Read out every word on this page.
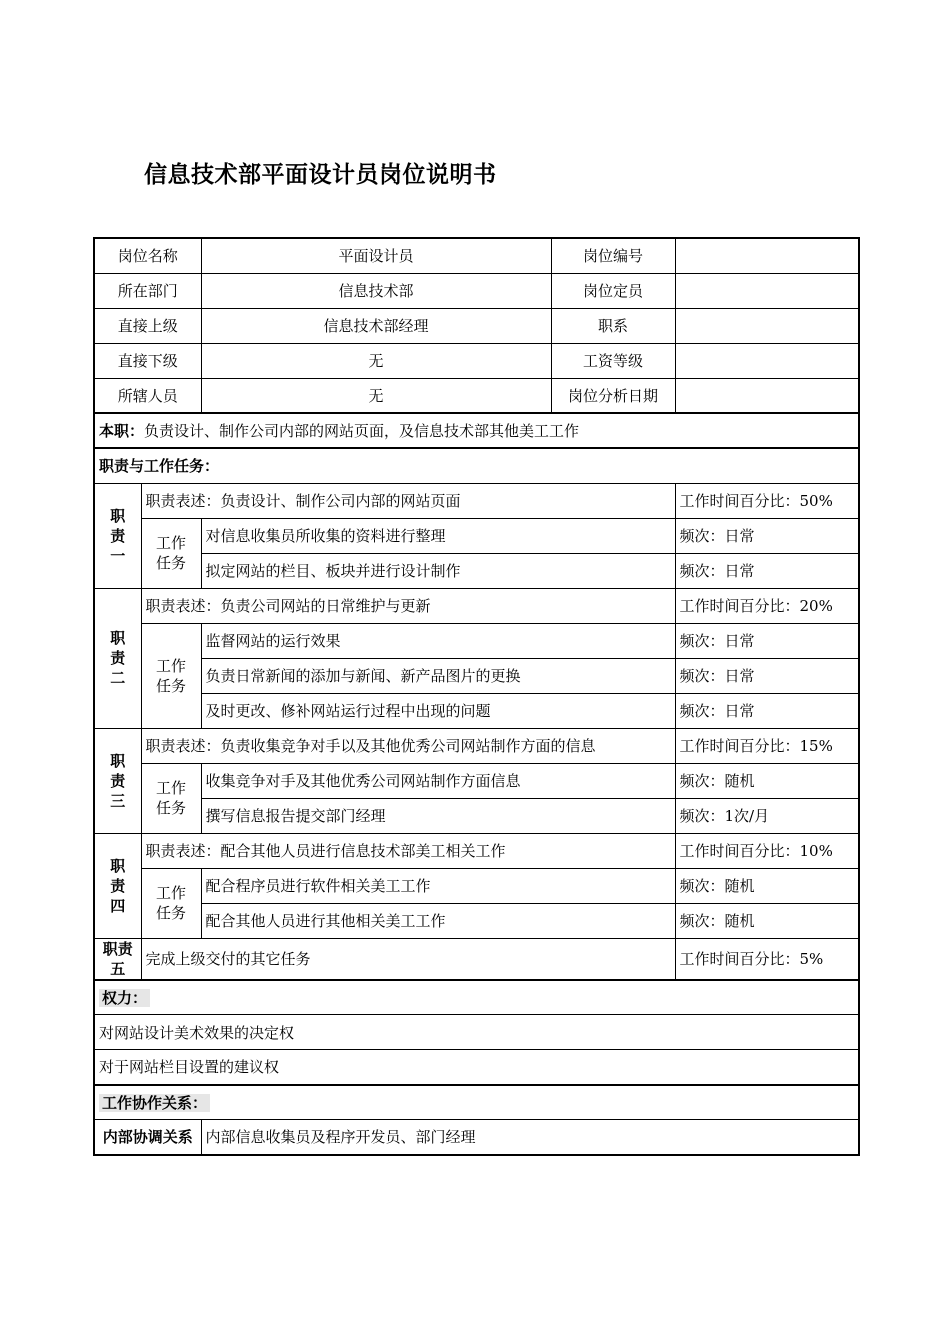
信息技术部平面设计员岗位说明书
岗位名称		平面设计员	岗位编号	
所在部门		信息技术部	岗位定员	
直接上级		信息技术部经理	职系	
直接下级		无	工资等级	
所辖人员		无	岗位分析日期	
本职：负责设计、制作公司内部的网站页面，及信息技术部其他美工工作				
职责与工作任务：				

职
责
一	职责表述：负责设计、制作公司内部的网站页面			工作时间百分比：50%

	工作
任务	对信息收集员所收集的资料进行整理		频次：日常
		拟定网站的栏目、板块并进行设计制作		频次：日常

职
责
二	职责表述：负责公司网站的日常维护与更新			工作时间百分比：20%

	工作
任务	监督网站的运行效果		频次：日常
		负责日常新闻的添加与新闻、新产品图片的更换		频次：日常
		及时更改、修补网站运行过程中出现的问题		频次：日常

职
责
三	职责表述：负责收集竞争对手以及其他优秀公司网站制作方面的信息			工作时间百分比：15%

	工作
任务	收集竞争对手及其他优秀公司网站制作方面信息		频次：随机
		撰写信息报告提交部门经理		频次：1次/月

职
责
四	职责表述：配合其他人员进行信息技术部美工相关工作			工作时间百分比：10%

	工作
任务	配合程序员进行软件相关美工工作		频次：随机
		配合其他人员进行其他相关美工工作		频次：随机

职责
五	完成上级交付的其它任务			工作时间百分比：5%
权力：				
对网站设计美术效果的决定权				
对于网站栏目设置的建议权				
工作协作关系：				
内部协调关系		内部信息收集员及程序开发员、部门经理		
